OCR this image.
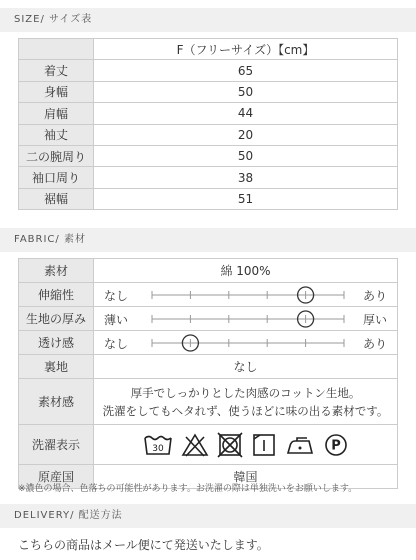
SIZE/ サイズ表
	F（フリーサイズ）【cm】
着丈	65
身幅	50
肩幅	44
袖丈	20
二の腕周り	50
袖口周り	38
裾幅	51
FABRIC/ 素材
素材	綿 100%
伸縮性	なし あり

生地の厚み	薄い 厚い

透け感	なし あり

裏地	なし
素材感	厚手でしっかりとした肉感のコットン生地。
洗濯をしてもヘタれず、使うほどに味の出る素材です。

洗濯表示	30 P

原産国	韓国
※濃色の場合、色落ちの可能性があります。お洗濯の際は単独洗いをお願いします。
DELIVERY/ 配送方法
こちらの商品はメール便にて発送いたします。
